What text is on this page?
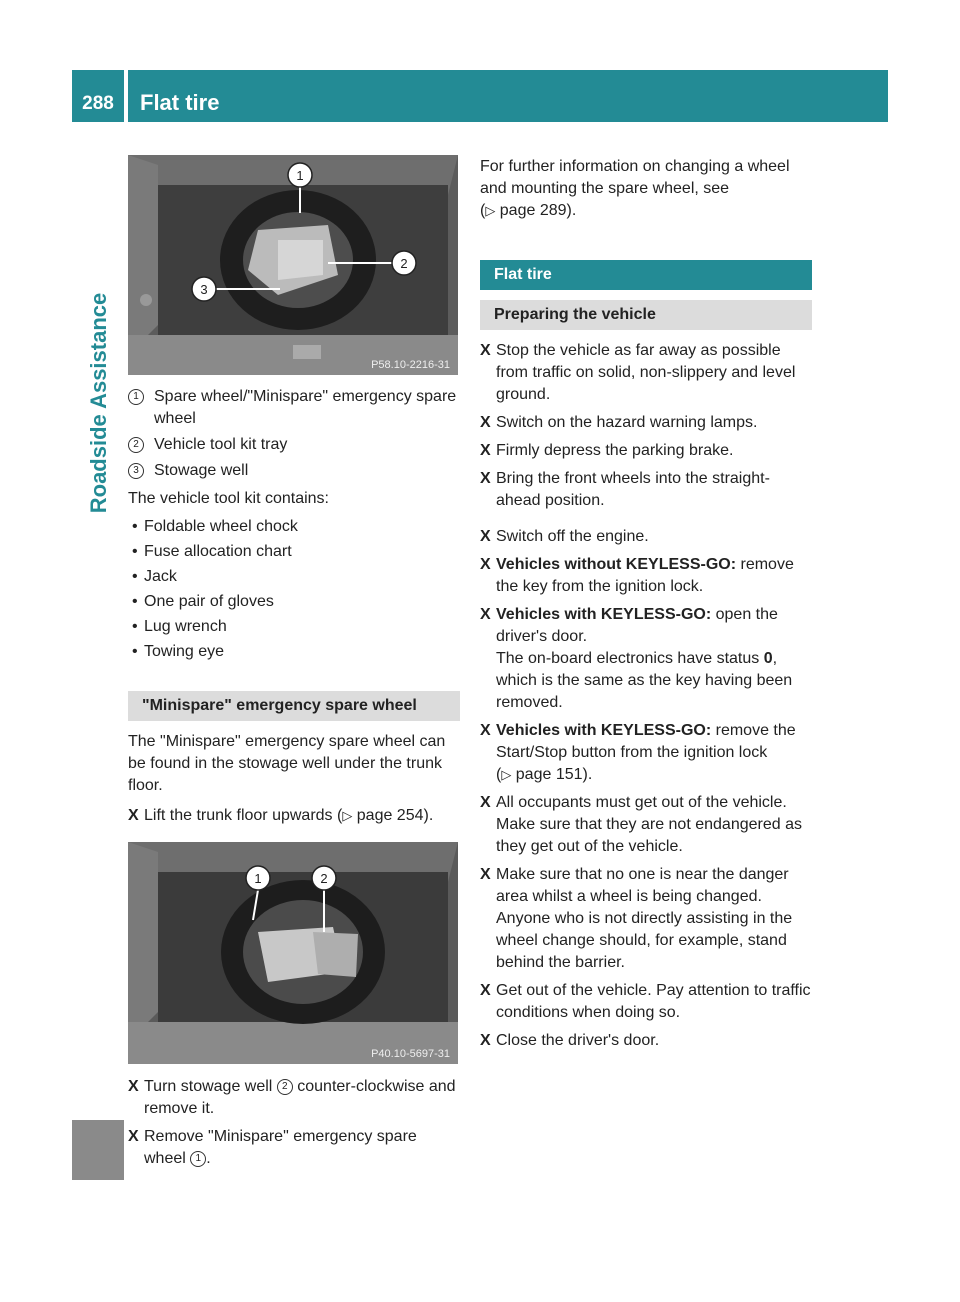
288	Flat tire
Roadside Assistance
1
2
3
P58.10-2216-31
1 Spare wheel/"Minispare" emergency spare wheel
2 Vehicle tool kit tray
3 Stowage well
The vehicle tool kit contains:
• Foldable wheel chock
• Fuse allocation chart
• Jack
• One pair of gloves
• Lug wrench
• Towing eye
"Minispare" emergency spare wheel
The "Minispare" emergency spare wheel can be found in the stowage well under the trunk floor.
X Lift the trunk floor upwards (▷ page 254).
1	2
P40.10-5697-31
X Turn stowage well 2 counter-clockwise and remove it.
X Remove "Minispare" emergency spare wheel 1 .
For further information on changing a wheel and mounting the spare wheel, see
(▷ page 289).
Flat tire
Preparing the vehicle
X Stop the vehicle as far away as possible from traffic on solid, non-slippery and level ground.
X Switch on the hazard warning lamps.
X Firmly depress the parking brake.
X Bring the front wheels into the straight-ahead position.
X Switch off the engine.
X Vehicles without KEYLESS-GO: remove the key from the ignition lock.
X Vehicles with KEYLESS-GO: open the driver's door.
The on-board electronics have status 0, which is the same as the key having been removed.
X Vehicles with KEYLESS-GO: remove the Start/Stop button from the ignition lock
(▷ page 151).
X All occupants must get out of the vehicle. Make sure that they are not endangered as they get out of the vehicle.
X Make sure that no one is near the danger area whilst a wheel is being changed. Anyone who is not directly assisting in the wheel change should, for example, stand behind the barrier.
X Get out of the vehicle. Pay attention to traffic conditions when doing so.
X Close the driver's door.
